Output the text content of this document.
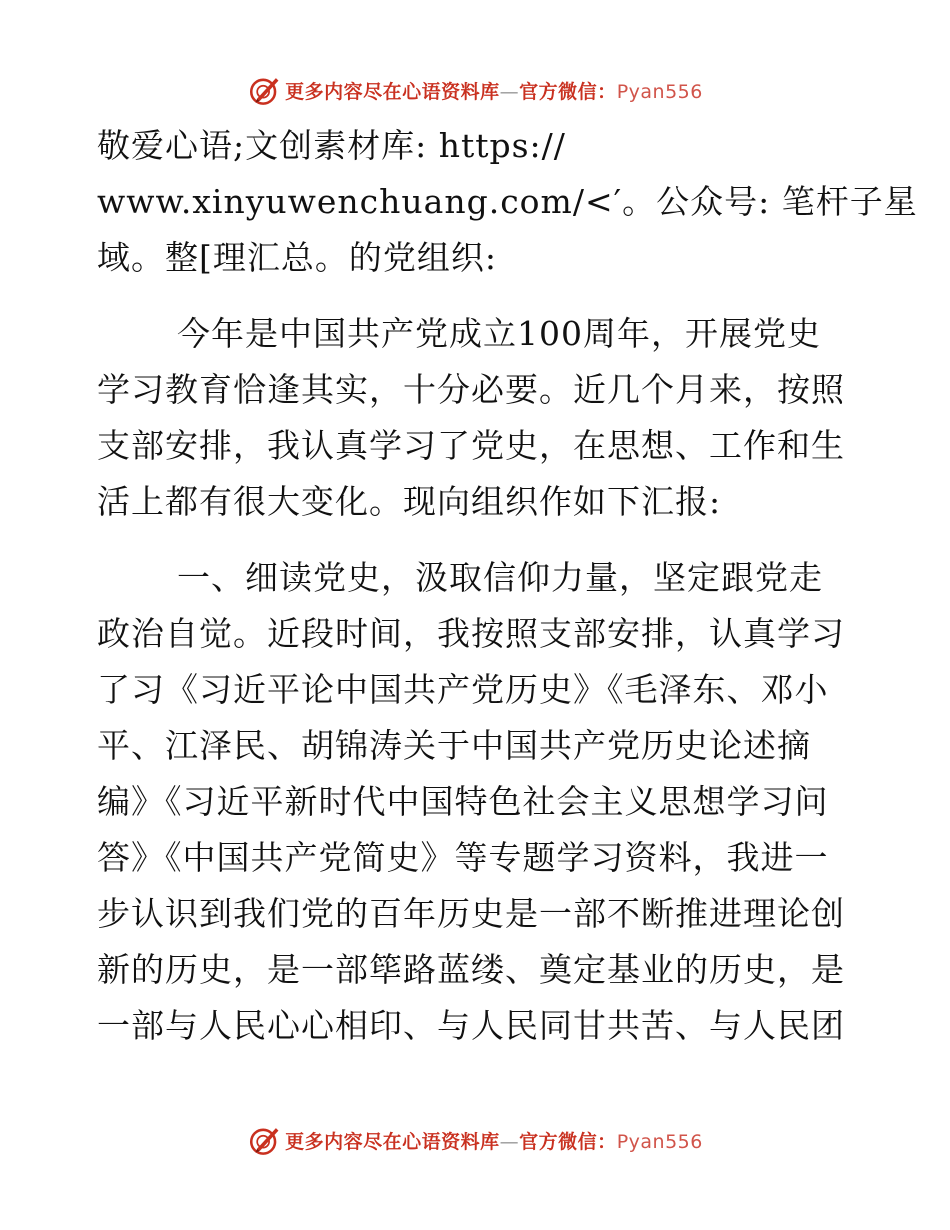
更多内容尽在心语资料库—官方微信：Pyan556

敬爱心语;文创素材库: https://
www.xinyuwenchuang.com/<′。公众号: 笔杆子星
域。整[理汇总。的党组织:

今年是中国共产党成立100周年，开展党史
学习教育恰逢其实，十分必要。近几个月来，按照
支部安排，我认真学习了党史，在思想、工作和生
活上都有很大变化。现向组织作如下汇报:

一、细读党史，汲取信仰力量，坚定跟党走
政治自觉。近段时间，我按照支部安排，认真学习
了习《习近平论中国共产党历史》《毛泽东、邓小
平、江泽民、胡锦涛关于中国共产党历史论述摘
编》《习近平新时代中国特色社会主义思想学习问
答》《中国共产党简史》等专题学习资料，我进一
步认识到我们党的百年历史是一部不断推进理论创
新的历史，是一部筚路蓝缕、奠定基业的历史，是
一部与人民心心相印、与人民同甘共苦、与人民团

更多内容尽在心语资料库—官方微信：Pyan556
